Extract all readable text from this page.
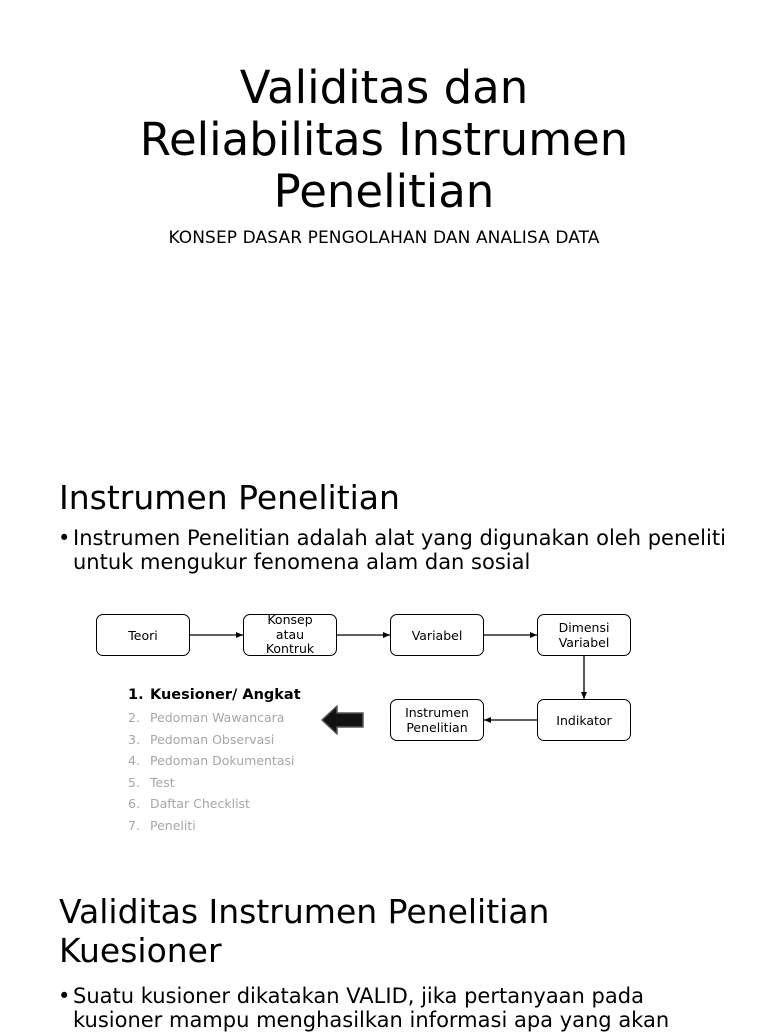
Validitas dan
Reliabilitas Instrumen
Penelitian
KONSEP DASAR PENGOLAHAN DAN ANALISA DATA
Instrumen Penelitian
• Instrumen Penelitian adalah alat yang digunakan oleh peneliti   untuk mengukur fenomena alam dan sosial
Teori
Konsep
atau
Kontruk
Variabel	Dimensi
Variabel
Indikator
Instrumen
Penelitian
1. Kuesioner/ Angkat
2. Pedoman Wawancara
3. Pedoman Observasi
4. Pedoman Dokumentasi
5. Test
6. Daftar Checklist
7. Peneliti
Validitas Instrumen Penelitian
Kuesioner
• Suatu kusioner dikatakan VALID, jika pertanyaan pada kusioner mampu menghasilkan informasi apa yang akan
